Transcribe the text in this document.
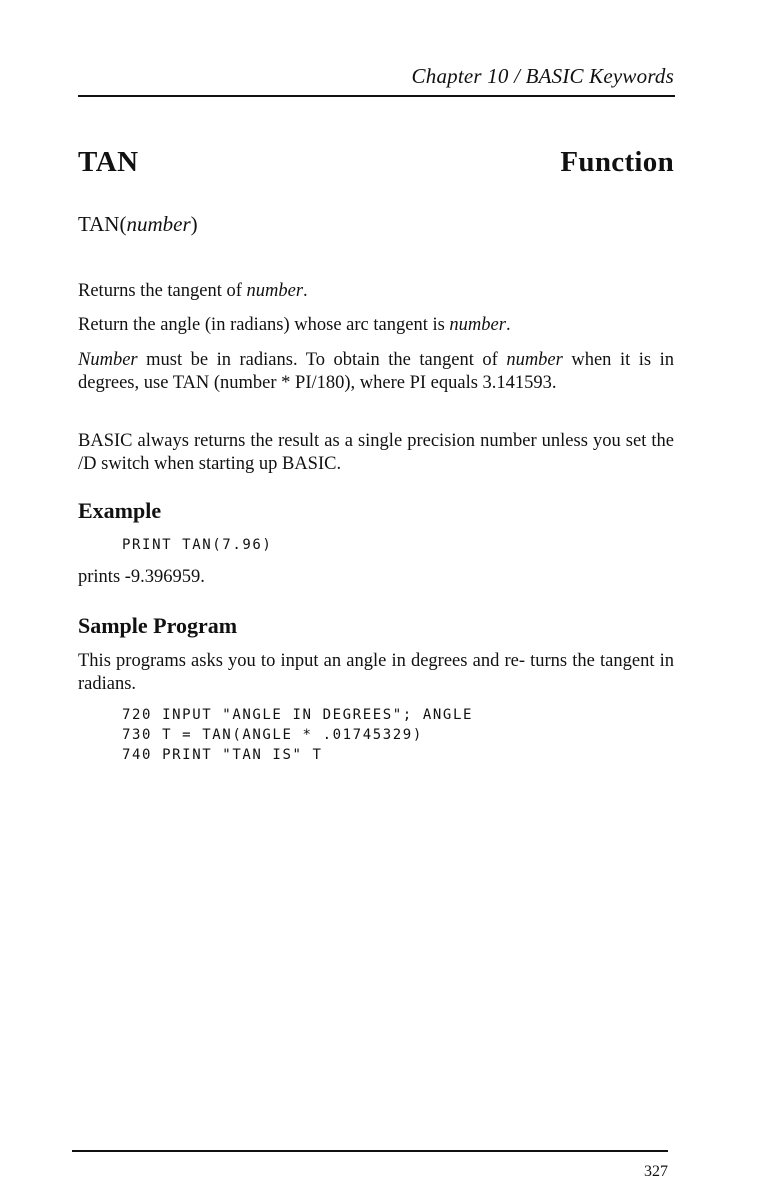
Chapter 10 / BASIC Keywords
TAN	Function
TAN(number)
Returns the tangent of number.
Return the angle (in radians) whose arc tangent is number.
Number must be in radians. To obtain the tangent of number when it is in degrees, use TAN (number * PI/180), where PI equals 3.141593.
BASIC always returns the result as a single precision number unless you set the /D switch when starting up BASIC.
Example
PRINT TAN(7.96)
prints -9.396959.
Sample Program
This programs asks you to input an angle in degrees and re- turns the tangent in radians.
720 INPUT "ANGLE IN DEGREES"; ANGLE
730 T = TAN(ANGLE * .01745329)
740 PRINT "TAN IS" T
327
